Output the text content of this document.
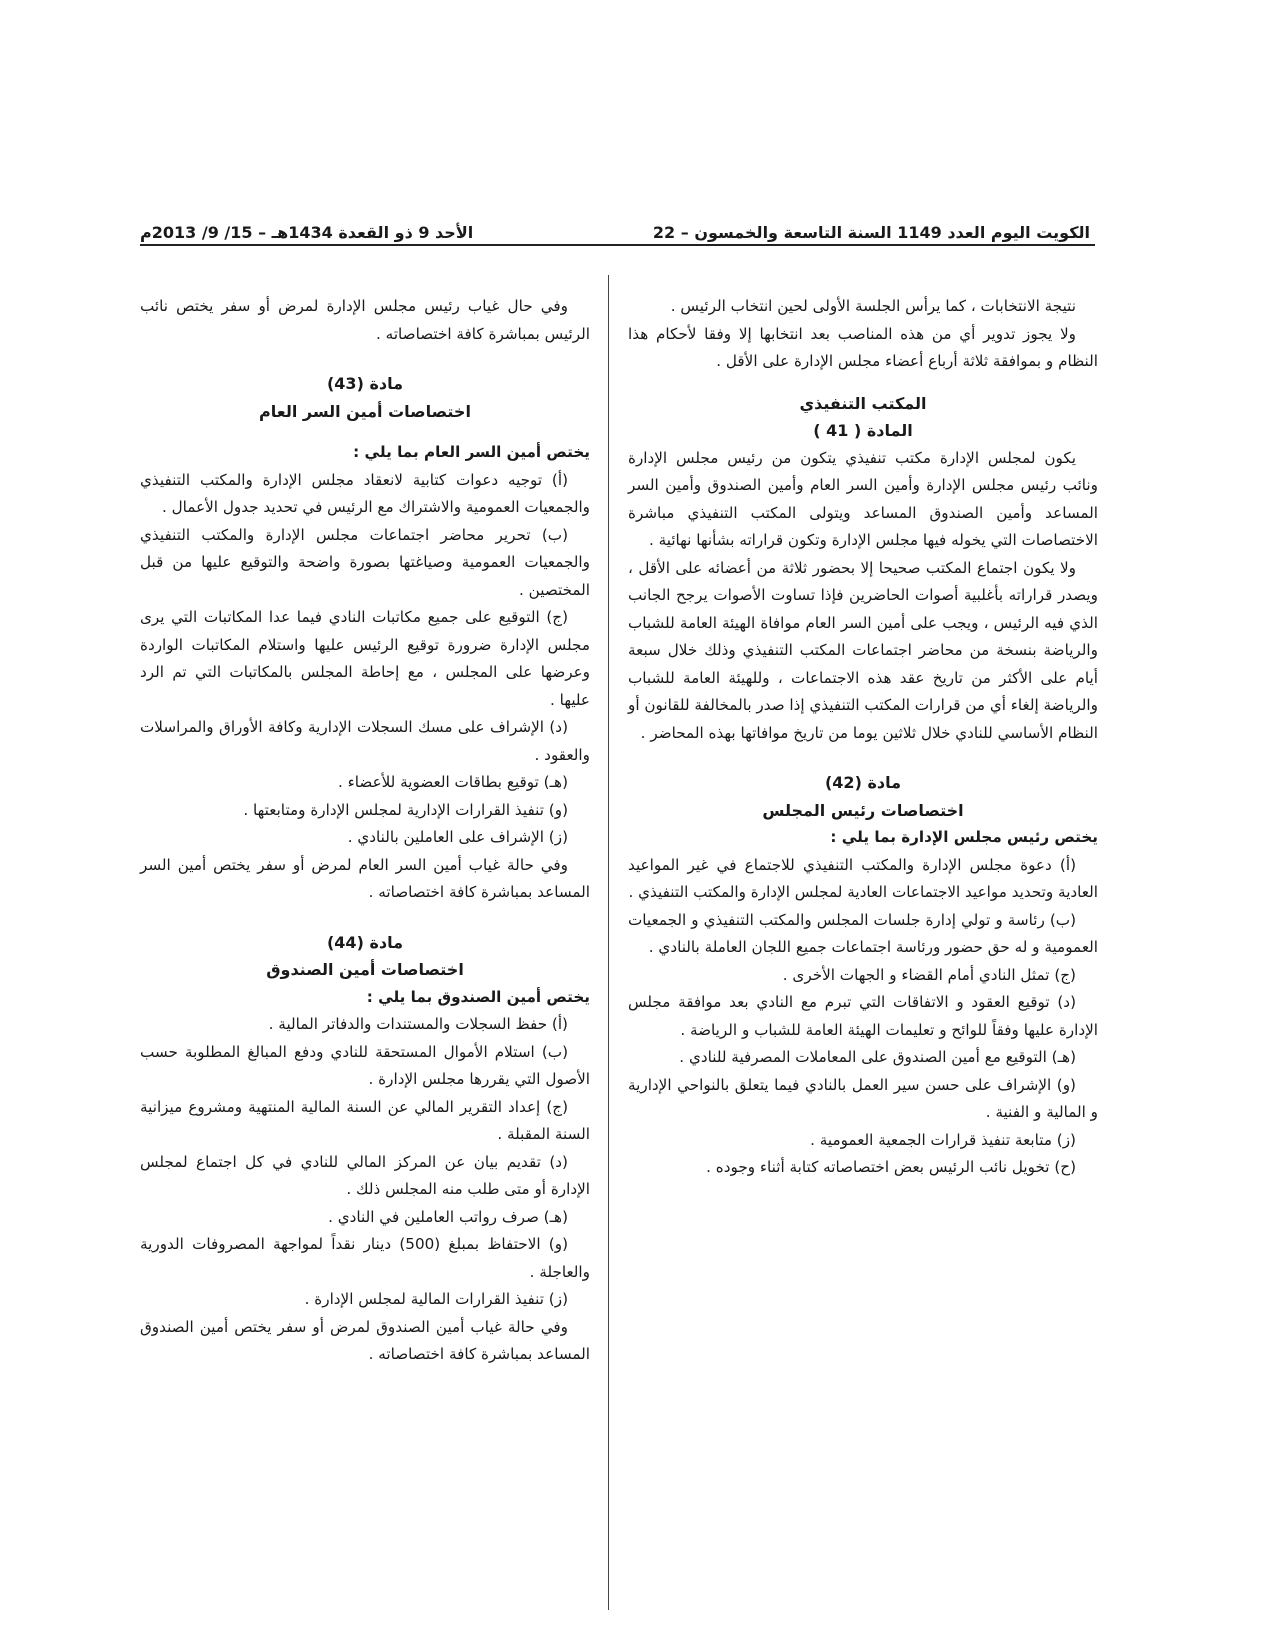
الكويت اليوم العدد 1149 السنة التاسعة والخمسون – 22
الأحد 9 ذو القعدة 1434هـ – 15/ 9/ 2013م

نتيجة الانتخابات ، كما يرأس الجلسة الأولى لحين انتخاب الرئيس .

ولا يجوز تدوير أي من هذه المناصب بعد انتخابها إلا وفقا لأحكام هذا النظام و بموافقة ثلاثة أرباع أعضاء مجلس الإدارة على الأقل .

المكتب التنفيذي

المادة ( 41 )

يكون لمجلس الإدارة مكتب تنفيذي يتكون من رئيس مجلس الإدارة ونائب رئيس مجلس الإدارة وأمين السر العام وأمين الصندوق وأمين السر المساعد وأمين الصندوق المساعد ويتولى المكتب التنفيذي مباشرة الاختصاصات التي يخوله فيها مجلس الإدارة وتكون قراراته بشأنها نهائية .

ولا يكون اجتماع المكتب صحيحا إلا بحضور ثلاثة من أعضائه على الأقل ، ويصدر قراراته بأغلبية أصوات الحاضرين فإذا تساوت الأصوات يرجح الجانب الذي فيه الرئيس ، ويجب على أمين السر العام موافاة الهيئة العامة للشباب والرياضة بنسخة من محاضر اجتماعات المكتب التنفيذي وذلك خلال سبعة أيام على الأكثر من تاريخ عقد هذه الاجتماعات ، وللهيئة العامة للشباب والرياضة إلغاء أي من قرارات المكتب التنفيذي إذا صدر بالمخالفة للقانون أو النظام الأساسي للنادي خلال ثلاثين يوما من تاريخ موافاتها بهذه المحاضر .

مادة (42)

اختصاصات رئيس المجلس

يختص رئيس مجلس الإدارة بما يلي :

(أ) دعوة مجلس الإدارة والمكتب التنفيذي للاجتماع في غير المواعيد العادية وتحديد مواعيد الاجتماعات العادية لمجلس الإدارة والمكتب التنفيذي .

(ب) رئاسة و تولي إدارة جلسات المجلس والمكتب التنفيذي و الجمعيات العمومية و له حق حضور ورئاسة اجتماعات جميع اللجان العاملة بالنادي .

(ج) تمثل النادي أمام القضاء و الجهات الأخرى .

(د) توقيع العقود و الاتفاقات التي تبرم مع النادي بعد موافقة مجلس الإدارة عليها وفقاً للوائح و تعليمات الهيئة العامة للشباب و الرياضة .

(هـ) التوقيع مع أمين الصندوق على المعاملات المصرفية للنادي .

(و) الإشراف على حسن سير العمل بالنادي فيما يتعلق بالنواحي الإدارية و المالية و الفنية .

(ز) متابعة تنفيذ قرارات الجمعية العمومية .

(ح) تخويل نائب الرئيس بعض اختصاصاته كتابة أثناء وجوده .

وفي حال غياب رئيس مجلس الإدارة لمرض أو سفر يختص نائب الرئيس بمباشرة كافة اختصاصاته .

مادة (43)

اختصاصات أمين السر العام

يختص أمين السر العام بما يلي :

(أ) توجيه دعوات كتابية لانعقاد مجلس الإدارة والمكتب التنفيذي والجمعيات العمومية والاشتراك مع الرئيس في تحديد جدول الأعمال .

(ب) تحرير محاضر اجتماعات مجلس الإدارة والمكتب التنفيذي والجمعيات العمومية وصياغتها بصورة واضحة والتوقيع عليها من قبل المختصين .

(ج) التوقيع على جميع مكاتبات النادي فيما عدا المكاتبات التي يرى مجلس الإدارة ضرورة توقيع الرئيس عليها واستلام المكاتبات الواردة وعرضها على المجلس ، مع إحاطة المجلس بالمكاتبات التي تم الرد عليها .

(د) الإشراف على مسك السجلات الإدارية وكافة الأوراق والمراسلات والعقود .

(هـ) توقيع بطاقات العضوية للأعضاء .

(و) تنفيذ القرارات الإدارية لمجلس الإدارة ومتابعتها .

(ز) الإشراف على العاملين بالنادي .

وفي حالة غياب أمين السر العام لمرض أو سفر يختص أمين السر المساعد بمباشرة كافة اختصاصاته .

مادة (44)

اختصاصات أمين الصندوق

يختص أمين الصندوق بما يلي :

(أ) حفظ السجلات والمستندات والدفاتر المالية .

(ب) استلام الأموال المستحقة للنادي ودفع المبالغ المطلوبة حسب الأصول التي يقررها مجلس الإدارة .

(ج) إعداد التقرير المالي عن السنة المالية المنتهية ومشروع ميزانية السنة المقبلة .

(د) تقديم بيان عن المركز المالي للنادي في كل اجتماع لمجلس الإدارة أو متى طلب منه المجلس ذلك .

(هـ) صرف رواتب العاملين في النادي .

(و) الاحتفاظ بمبلغ (500) دينار نقداً لمواجهة المصروفات الدورية والعاجلة .

(ز) تنفيذ القرارات المالية لمجلس الإدارة .

وفي حالة غياب أمين الصندوق لمرض أو سفر يختص أمين الصندوق المساعد بمباشرة كافة اختصاصاته .
